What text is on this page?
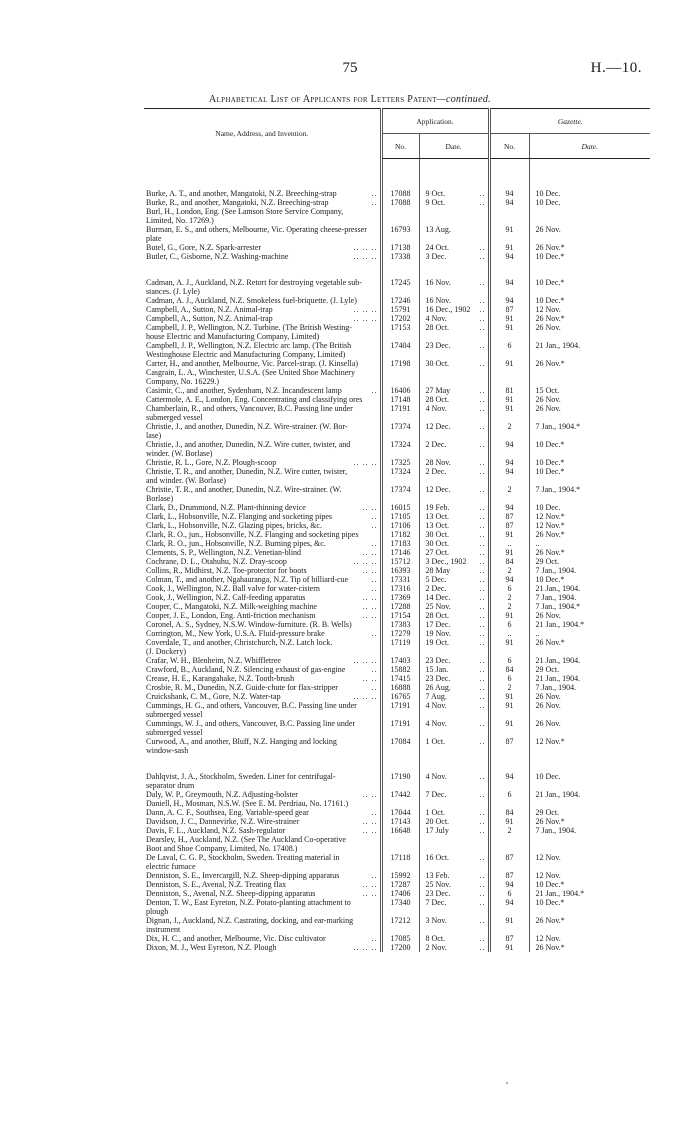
75	H.—10.
Alphabetical List of Applicants for Letters Patent—continued.
Name, Address, and Invention.	Application.		Gazette.	
	No.	Date.	No.	Date.

Burke, A. T., and another, Mangatoki, N.Z. Breeching-strap ..	17088	9 Oct. ..	94	10 Dec.
Burke, R., and another, Mangatoki, N.Z. Breeching-strap ..	17088	9 Oct. ..	94	10 Dec.
Burl, H., London, Eng. (See Lamson Store Service Company,				
Limited, No. 17269.)				
Burman, E. S., and others, Melbourne, Vic. Operating cheese-presser	16793	13 Aug.	91	26 Nov.
plate				
Butel, G., Gore, N.Z. Spark-arrester .. .. ..	17138	24 Oct. ..	91	26 Nov.*
Butler, C., Gisborne, N.Z. Washing-machine .. .. ..	17338	3 Dec. ..	94	10 Dec.*

Cadman, A. J., Auckland, N.Z. Retort for destroying vegetable sub-	17245	16 Nov. ..	94	10 Dec.*
stances. (J. Lyle)				
Cadman, A. J., Auckland, N.Z. Smokeless fuel-briquette. (J. Lyle)	17246	16 Nov. ..	94	10 Dec.*
Campbell, A., Sutton, N.Z. Animal-trap .. .. ..	15791	16 Dec., 1902 ..	87	12 Nov.
Campbell, A., Sutton, N.Z. Animal-trap .. .. ..	17202	4 Nov. ..	91	26 Nov.*
Campbell, J. P., Wellington, N.Z. Turbine. (The British Westing-	17153	28 Oct. ..	91	26 Nov.
house Electric and Manufacturing Company, Limited)				
Campbell, J. P., Wellington, N.Z. Electric arc lamp. (The British	17404	23 Dec. ..	6	21 Jan., 1904.
Westinghouse Electric and Manufacturing Company, Limited)				
Carter, H., and another, Melbourne, Vic. Parcel-strap. (J. Kinsella)	17198	30 Oct. ..	91	26 Nov.*
Casgrain, L. A., Winchester, U.S.A. (See United Shoe Machinery				
Company, No. 16229.)				
Casimir, C., and another, Sydenham, N.Z. Incandescent lamp ..	16406	27 May ..	81	15 Oct.
Cattermole, A. E., London, Eng. Concentrating and classifying ores	17148	28 Oct. ..	91	26 Nov.
Chamberlain, R., and others, Vancouver, B.C. Passing line under	17191	4 Nov. ..	91	26 Nov.
submerged vessel				
Christie, J., and another, Dunedin, N.Z. Wire-strainer. (W. Bor-	17374	12 Dec. ..	2	7 Jan., 1904.*
lase)				
Christie, J., and another, Dunedin, N.Z. Wire cutter, twister, and	17324	2 Dec. ..	94	10 Dec.*
winder. (W. Borlase)				
Christie, R. L., Gore, N.Z. Plough-scoop .. .. ..	17325	28 Nov. ..	94	10 Dec.*
Christie, T. R., and another, Dunedin, N.Z. Wire cutter, twister,	17324	2 Dec. ..	94	10 Dec.*
and winder. (W. Borlase)				
Christie, T. R., and another, Dunedin, N.Z. Wire-strainer. (W.	17374	12 Dec. ..	2	7 Jan., 1904.*
Borlase)				
Clark, D., Drummond, N.Z. Plant-thinning device .. ..	16015	19 Feb. ..	94	10 Dec.
Clark, L., Hobsonville, N.Z. Flanging and socketing pipes ..	17105	13 Oct. ..	87	12 Nov.*
Clark, L., Hobsonville, N.Z. Glazing pipes, bricks, &c. ..	17106	13 Oct. ..	87	12 Nov.*
Clark, R. O., jun., Hobsonville, N.Z. Flanging and socketing pipes	17182	30 Oct. ..	91	26 Nov.*
Clark, R. O., jun., Hobsonville, N.Z. Burning pipes, &c. ..	17183	30 Oct. ..	..	..
Clements, S. P., Wellington, N.Z. Venetian-blind .. ..	17146	27 Oct. ..	91	26 Nov.*
Cochrane, D. L., Otahuhu, N.Z. Dray-scoop .. .. ..	15712	3 Dec., 1902 ..	84	29 Oct.
Collins, R., Midhirst, N.Z. Toe-protector for boots .. ..	16393	28 May ..	2	7 Jan., 1904.
Colman, T., and another, Ngahauranga, N.Z. Tip of billiard-cue ..	17331	5 Dec. ..	94	10 Dec.*
Cook, J., Wellington, N.Z. Ball valve for water-cistern ..	17316	2 Dec. ..	6	21 Jan., 1904.
Cook, J., Wellington, N.Z. Calf-feeding apparatus .. ..	17369	14 Dec. ..	2	7 Jan., 1904.
Cooper, C., Mangatoki, N.Z. Milk-weighing machine .. ..	17288	25 Nov. ..	2	7 Jan., 1904.*
Cooper, J. E., London, Eng. Anti-friction mechanism .. ..	17154	28 Oct. ..	91	26 Nov.
Coronel, A. S., Sydney, N.S.W. Window-furniture. (R. B. Wells)	17383	17 Dec. ..	6	21 Jan., 1904.*
Corrington, M., New York, U.S.A. Fluid-pressure brake ..	17279	19 Nov. ..	..	..
Coverdale, T., and another, Christchurch, N.Z. Latch lock.	17119	19 Oct. ..	91	26 Nov.*
(J. Dockery)				
Crafar, W. H., Blenheim, N.Z. Whiffletree .. .. ..	17403	23 Dec. ..	6	21 Jan., 1904.
Crawford, B., Auckland, N.Z. Silencing exhaust of gas-engine ..	15882	15 Jan. ..	84	29 Oct.
Crease, H. E., Karangahake, N.Z. Tooth-brush .. ..	17415	23 Dec. ..	6	21 Jan., 1904.
Crosbie, R. M., Dunedin, N.Z. Guide-chute for flax-stripper ..	16888	26 Aug. ..	2	7 Jan., 1904.
Cruickshank, C. M., Gore, N.Z. Water-tap .. .. ..	16765	7 Aug. ..	91	26 Nov.
Cummings, H. G., and others, Vancouver, B.C. Passing line under	17191	4 Nov. ..	91	26 Nov.
submerged vessel				
Cummings, W. J., and others, Vancouver, B.C. Passing line under	17191	4 Nov. ..	91	26 Nov.
submerged vessel				
Curwood, A., and another, Bluff, N.Z. Hanging and locking	17084	1 Oct. ..	87	12 Nov.*
window-sash				

Dahlqvist, J. A., Stockholm, Sweden. Liner for centrifugal-	17190	4 Nov. ..	94	10 Dec.
separator drum				
Daly, W. P., Greymouth, N.Z. Adjusting-bolster .. ..	17442	7 Dec. ..	6	21 Jan., 1904.
Daniell, H., Mosman, N.S.W. (See E. M. Perdriau, No. 17161.)				
Dann, A. C. F., Southsea, Eng. Variable-speed gear ..	17044	1 Oct. ..	84	29 Oct.
Davidson, J. C., Dannevirke, N.Z. Wire-strainer .. ..	17143	20 Oct. ..	91	26 Nov.*
Davis, F. L., Auckland, N.Z. Sash-regulator .. ..	16648	17 July ..	2	7 Jan., 1904.
Dearsley, H., Auckland, N.Z. (See The Auckland Co-operative				
Boot and Shoe Company, Limited, No. 17408.)				
De Laval, C. G. P., Stockholm, Sweden. Treating material in	17118	16 Oct. ..	87	12 Nov.
electric furnace				
Denniston, S. E., Invercargill, N.Z. Sheep-dipping apparatus ..	15992	13 Feb. ..	87	12 Nov.
Denniston, S. E., Avenal, N.Z. Treating flax .. ..	17287	25 Nov. ..	94	10 Dec.*
Denniston, S., Avenal, N.Z. Sheep-dipping apparatus .. ..	17406	23 Dec. ..	6	21 Jan., 1904.*
Denton, T. W., East Eyreton, N.Z. Potato-planting attachment to	17340	7 Dec. ..	94	10 Dec.*
plough				
Dignan, J., Auckland, N.Z. Castrating, docking, and ear-marking	17212	3 Nov. ..	91	26 Nov.*
instrument				
Dix, H. C., and another, Melbourne, Vic. Disc cultivator ..	17085	8 Oct. ..	87	12 Nov.
Dixon, M. J., West Eyreton, N.Z. Plough .. .. ..	17200	2 Nov. ..	91	26 Nov.*
